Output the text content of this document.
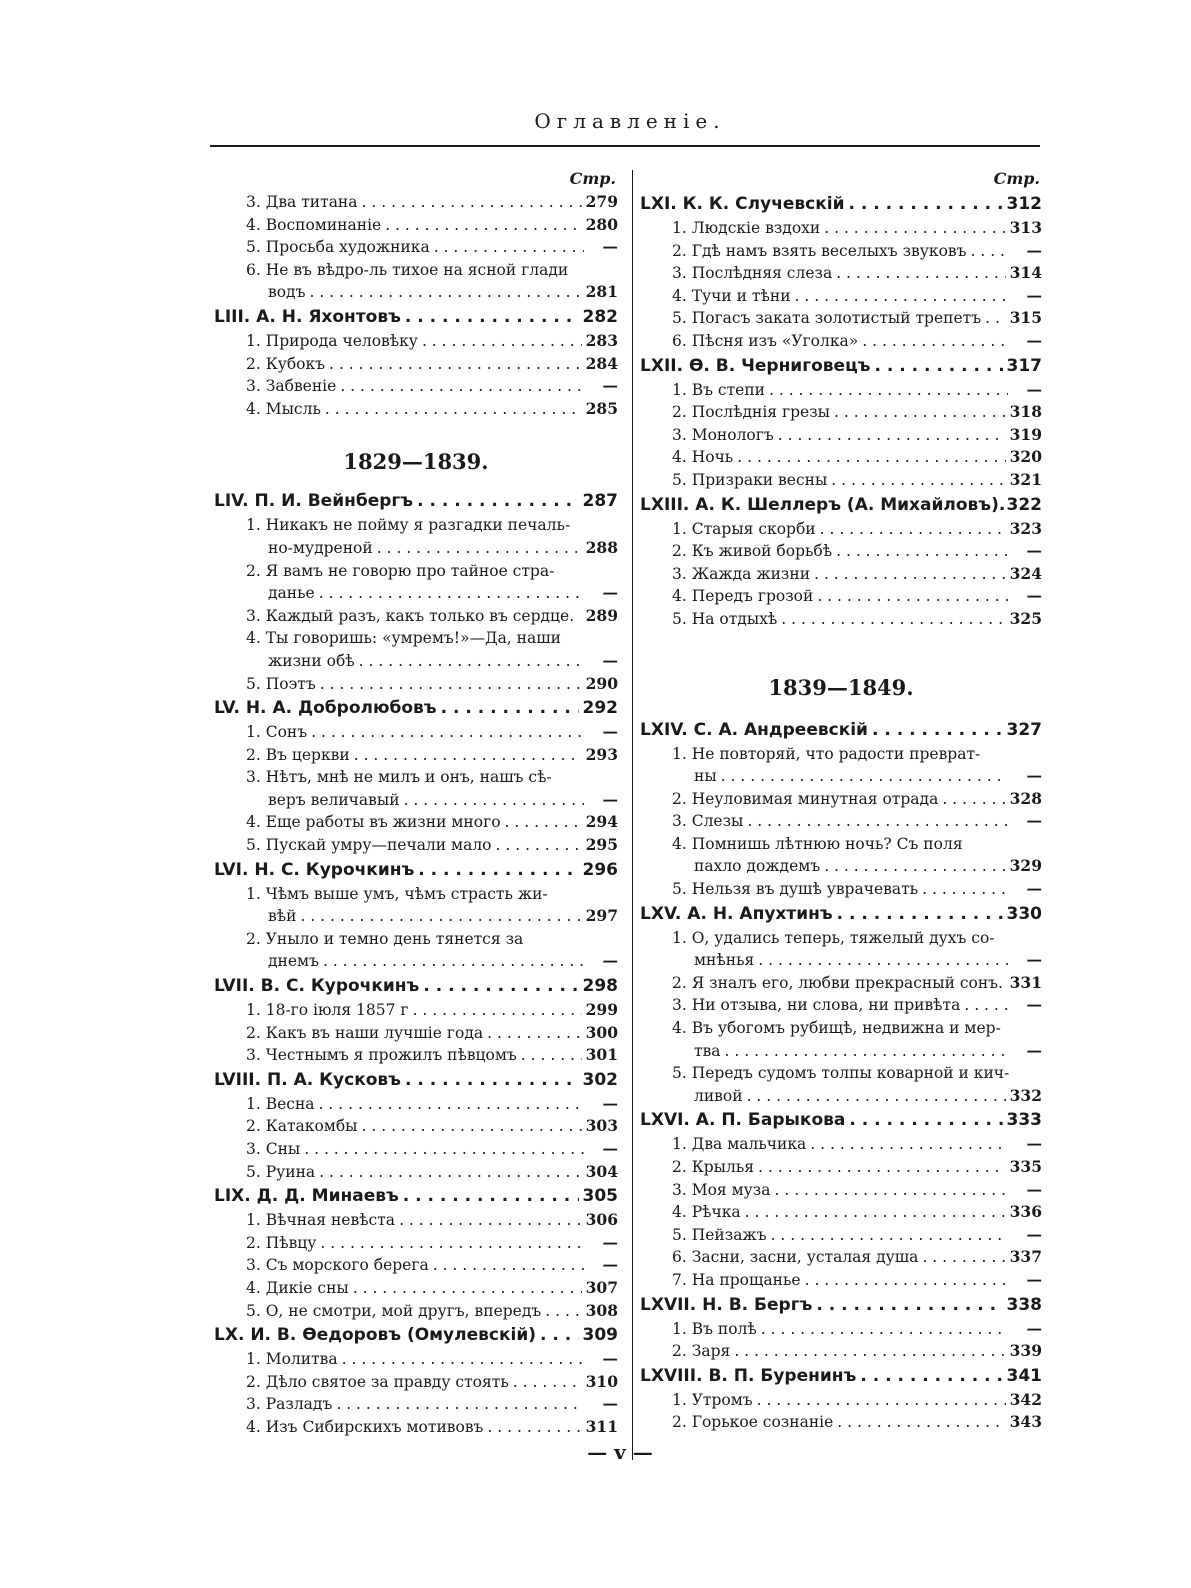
Оглавленiе.
Стр.
3. Два титана . . .	279
4. Воспоминанiе . . .	280
5. Просьба художника . . .	—
6. Не въ вѣдро-ль тихое на ясной глади
водъ . . .	281
LIII. А. Н. Яхонтовъ . . .	282
1. Природа человѣку . . .	283
2. Кубокъ . . .	284
3. Забвенiе . . .	—
4. Мысль . . .	285
1829—1839.
LIV. П. И. Вейнбергъ . . .	287
1. Никакъ не пойму я разгадки печаль-
но-мудреной . . .	288
2. Я вамъ не говорю про тайное стра-
данье . . .	—
3. Каждый разъ, какъ только въ сердце. 289
4. Ты говоришь: «умремъ!»—Да, наши
жизни обѣ . . .	—
5. Поэтъ . . .	290
LV. Н. А. Добролюбовъ . . .	292
1. Сонъ . . .	—
2. Въ церкви . . .	293
3. Нѣтъ, мнѣ не милъ и онъ, нашъ сѣ-
веръ величавый . . .	—
4. Еще работы въ жизни много . . .	294
5. Пускай умру—печали мало . . .	295
LVI. Н. С. Курочкинъ . . .	296
1. Чѣмъ выше умъ, чѣмъ страсть жи-
вѣй . . .	297
2. Уныло и темно день тянется за
днемъ . . .	—
LVII. В. С. Курочкинъ . . .	298
1. 18-го iюля 1857 г . . .	299
2. Какъ въ наши лучшiе года . . .	300
3. Честнымъ я прожилъ пѣвцомъ . . .	301
LVIII. П. А. Кусковъ . . .	302
1. Весна . . .	—
2. Катакомбы . . .	303
3. Сны . . .	—
5. Руина . . .	304
LIX. Д. Д. Минаевъ . . .	305
1. Вѣчная невѣста . . .	306
2. Пѣвцу . . .	—
3. Съ морского берега . . .	—
4. Дикiе сны . . .	307
5. О, не смотри, мой другъ, впередъ . . .	308
LX. И. В. Ѳедоровъ (Омулевскiй) . . .	309
1. Молитва . . .	—
2. Дѣло святое за правду стоять . . .	310
3. Разладъ . . .	—
4. Изъ Сибирскихъ мотивовъ . . .	311
Стр.
LXI. К. К. Случевскiй . . .	312
1. Людскiе вздохи . . .	313
2. Гдѣ намъ взять веселыхъ звуковъ . . .	—
3. Послѣдняя слеза . . .	314
4. Тучи и тѣни . . .	—
5. Погасъ заката золотистый трепетъ . . . 315
6. Пѣсня изъ «Уголка» . . .	—
LXII. Ѳ. В. Черниговецъ . . .	317
1. Въ степи . . .	—
2. Послѣднiя грезы . . .	318
3. Монологъ . . .	319
4. Ночь . . .	320
5. Призраки весны . . .	321
LXIII. А. К. Шеллеръ (А. Михайловъ). 322
1. Старыя скорби . . .	323
2. Къ живой борьбѣ . . .	—
3. Жажда жизни . . .	324
4. Передъ грозой . . .	—
5. На отдыхѣ . . .	325
1839—1849.
LXIV. С. А. Андреевскiй . . .	327
1. Не повторяй, что радости преврат-
ны . . .	—
2. Неуловимая минутная отрада . . .	328
3. Слезы . . .	—
4. Помнишь лѣтнюю ночь? Съ поля
пахло дождемъ . . .	329
5. Нельзя въ душѣ уврачевать . . .	—
LXV. А. Н. Апухтинъ . . .	330
1. О, удались теперь, тяжелый духъ со-
мнѣнья . . .	—
2. Я зналъ его, любви прекрасный сонъ. 331
3. Ни отзыва, ни слова, ни привѣта . . .	—
4. Въ убогомъ рубищѣ, недвижна и мер-
тва . . .	—
5. Передъ судомъ толпы коварной и кич-
ливой . . .	332
LXVI. А. П. Барыкова . . .	333
1. Два мальчика . . .	—
2. Крылья . . .	335
3. Моя муза . . .	—
4. Рѣчка . . .	336
5. Пейзажъ . . .	—
6. Засни, засни, усталая душа . . .	337
7. На прощанье . . .	—
LXVII. Н. В. Бергъ . . .	338
1. Въ полѣ . . .	—
2. Заря . . .	339
LXVIII. В. П. Буренинъ . . .	341
1. Утромъ . . .	342
2. Горькое сознанiе . . .	343
— v —
